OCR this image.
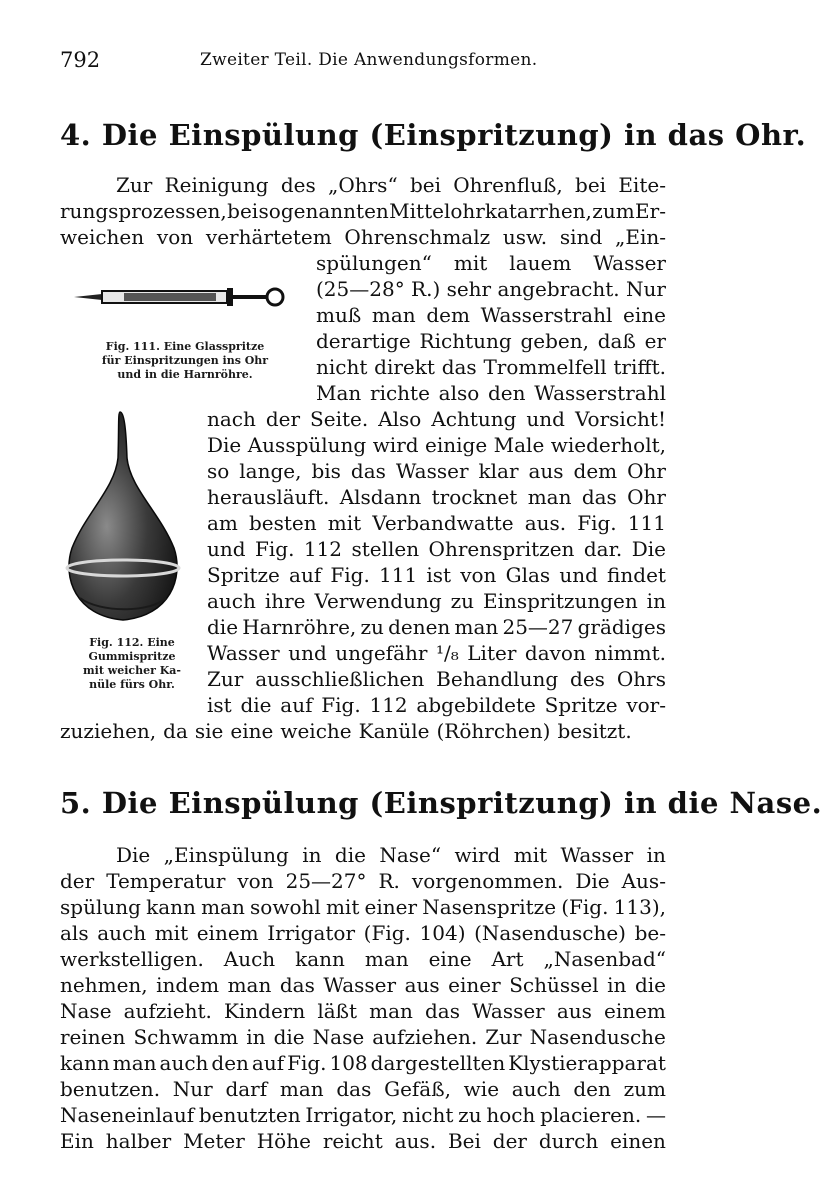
792	Zweiter Teil. Die Anwendungsformen.
4. Die Einspülung (Einspritzung) in das Ohr.
Zur Reinigung des „Ohrs“ bei Ohrenfluß, bei Eite-
rungsprozessen, bei sogenannten Mittelohrkatarrhen, zum Er-
weichen von verhärtetem Ohrenschmalz usw. sind „Ein-
spülungen“ mit lauem Wasser
(25—28° R.) sehr angebracht. Nur
muß man dem Wasserstrahl eine
derartige Richtung geben, daß er
nicht direkt das Trommelfell trifft.
Man richte also den Wasserstrahl
nach der Seite. Also Achtung und Vorsicht!
Die Ausspülung wird einige Male wiederholt,
so lange, bis das Wasser klar aus dem Ohr
herausläuft. Alsdann trocknet man das Ohr
am besten mit Verbandwatte aus. Fig. 111
und Fig. 112 stellen Ohrenspritzen dar. Die
Spritze auf Fig. 111 ist von Glas und findet
auch ihre Verwendung zu Einspritzungen in
die Harnröhre, zu denen man 25—27 grädiges
Wasser und ungefähr ¹/₈ Liter davon nimmt.
Zur ausschließlichen Behandlung des Ohrs
ist die auf Fig. 112 abgebildete Spritze vor-
zuziehen, da sie eine weiche Kanüle (Röhrchen) besitzt.
Fig. 111. Eine Glasspritze
für Einspritzungen ins Ohr
und in die Harnröhre.
Fig. 112. Eine
Gummispritze
mit weicher Ka-
nüle fürs Ohr.
5. Die Einspülung (Einspritzung) in die Nase.
Die „Einspülung in die Nase“ wird mit Wasser in
der Temperatur von 25—27° R. vorgenommen. Die Aus-
spülung kann man sowohl mit einer Nasenspritze (Fig. 113),
als auch mit einem Irrigator (Fig. 104) (Nasendusche) be-
werkstelligen. Auch kann man eine Art „Nasenbad“
nehmen, indem man das Wasser aus einer Schüssel in die
Nase aufzieht. Kindern läßt man das Wasser aus einem
reinen Schwamm in die Nase aufziehen. Zur Nasendusche
kann man auch den auf Fig. 108 dargestellten Klystierapparat
benutzen. Nur darf man das Gefäß, wie auch den zum
Naseneinlauf benutzten Irrigator, nicht zu hoch placieren. —
Ein halber Meter Höhe reicht aus. Bei der durch einen
